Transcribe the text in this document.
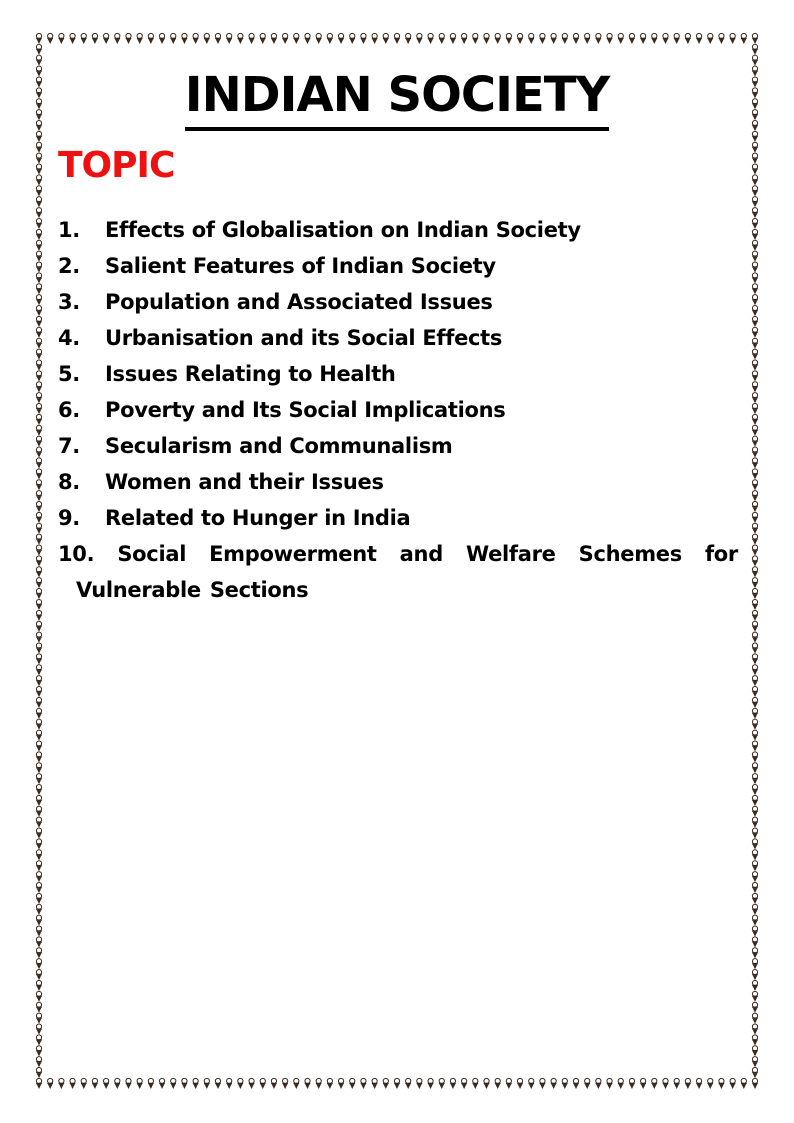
INDIAN SOCIETY
TOPIC
1.	Effects of Globalisation on Indian Society
2.	Salient Features of Indian Society
3.	Population and Associated Issues
4.	Urbanisation and its Social Effects
5.	Issues Relating to Health
6.	Poverty and Its Social Implications
7.	Secularism and Communalism
8.	Women and their Issues
9.	Related to Hunger in India
10. Social Empowerment and Welfare Schemes for Vulnerable Sections
